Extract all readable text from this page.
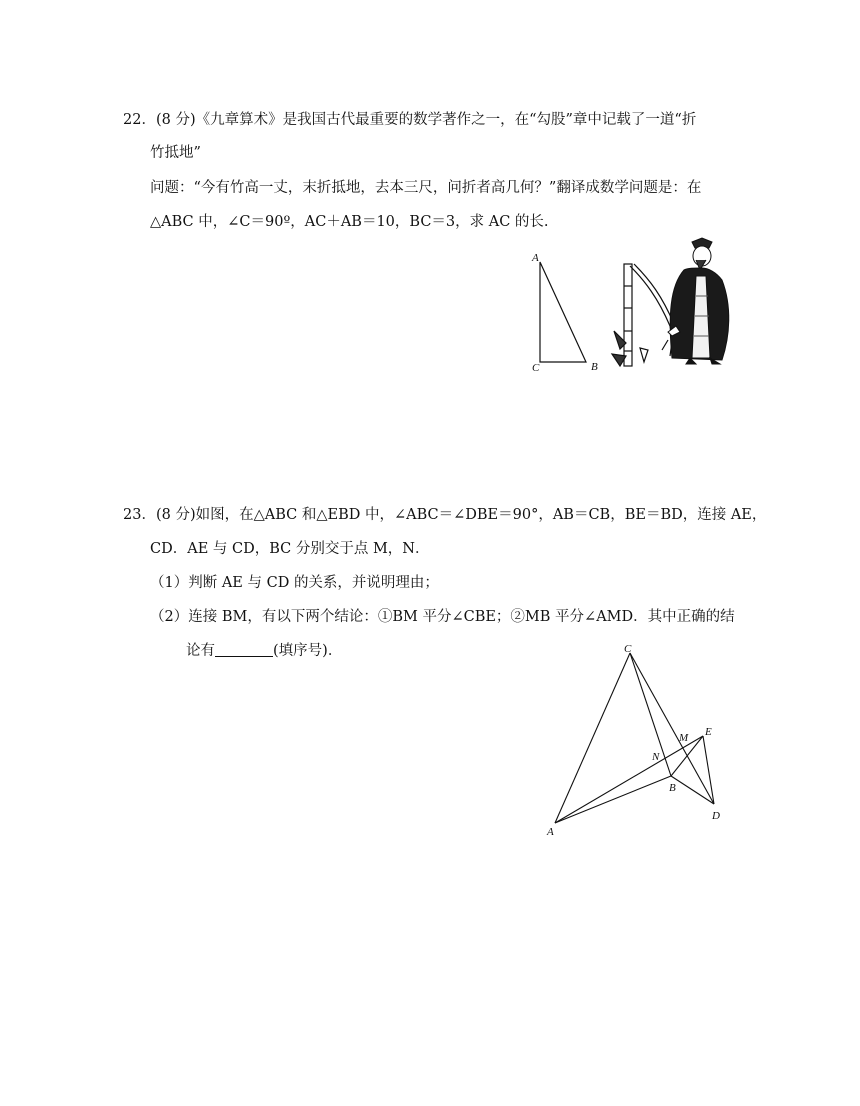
22．(8 分)《九章算术》是我国古代最重要的数学著作之一，在“勾股”章中记载了一道“折
竹抵地”
问题：“今有竹高一丈，末折抵地，去本三尺，问折者高几何？”翻译成数学问题是：在
△ABC 中，∠C＝90º，AC＋AB＝10，BC＝3，求 AC 的长.
A
C	B
23．(8 分)如图，在△ABC 和△EBD 中，∠ABC＝∠DBE＝90°，AB＝CB，BE＝BD，连接 AE，
CD．AE 与 CD，BC 分别交于点 M，N．
（1）判断 AE 与 CD 的关系，并说明理由；
（2）连接 BM，有以下两个结论：①BM 平分∠CBE；②MB 平分∠AMD．其中正确的结
论有	(填序号)．	C
M E
N
B
D
A
